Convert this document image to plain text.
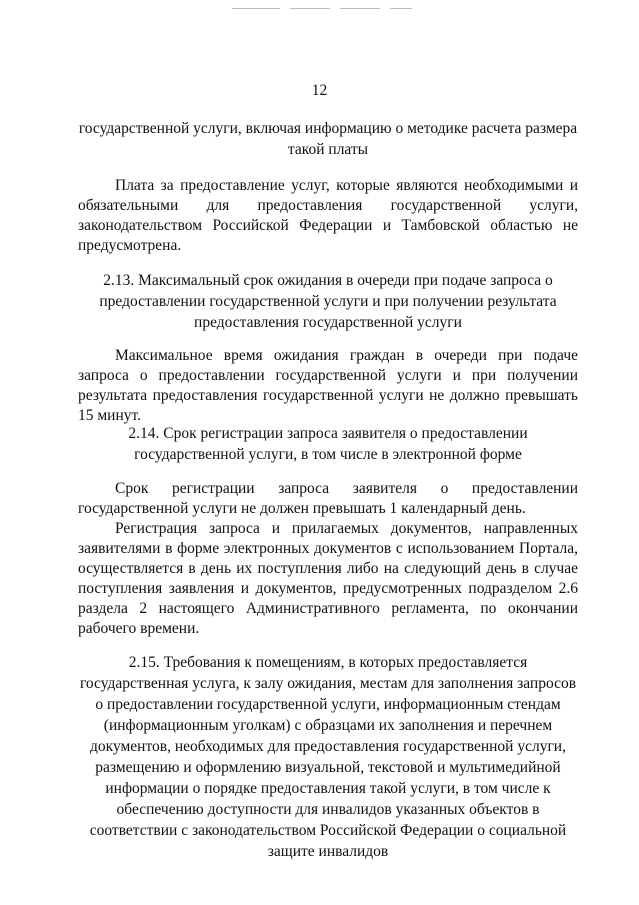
12
государственной услуги, включая информацию о методике расчета размера такой платы

Плата за предоставление услуг, которые являются необходимыми и обязательными для предоставления государственной услуги, законодательством Российской Федерации и Тамбовской областью не предусмотрена.

2.13. Максимальный срок ожидания в очереди при подаче запроса о предоставлении государственной услуги и при получении результата предоставления государственной услуги

Максимальное время ожидания граждан в очереди при подаче запроса о предоставлении государственной услуги и при получении результата предоставления государственной услуги не должно превышать 15 минут.

2.14. Срок регистрации запроса заявителя о предоставлении государственной услуги, в том числе в электронной форме

Срок регистрации запроса заявителя о предоставлении государственной услуги не должен превышать 1 календарный день.

Регистрация запроса и прилагаемых документов, направленных заявителями в форме электронных документов с использованием Портала, осуществляется в день их поступления либо на следующий день в случае поступления заявления и документов, предусмотренных подразделом 2.6 раздела 2 настоящего Административного регламента, по окончании рабочего времени.

2.15. Требования к помещениям, в которых предоставляется государственная услуга, к залу ожидания, местам для заполнения запросов о предоставлении государственной услуги, информационным стендам (информационным уголкам) с образцами их заполнения и перечнем документов, необходимых для предоставления государственной услуги, размещению и оформлению визуальной, текстовой и мультимедийной информации о порядке предоставления такой услуги, в том числе к обеспечению доступности для инвалидов указанных объектов в соответствии с законодательством Российской Федерации о социальной защите инвалидов
